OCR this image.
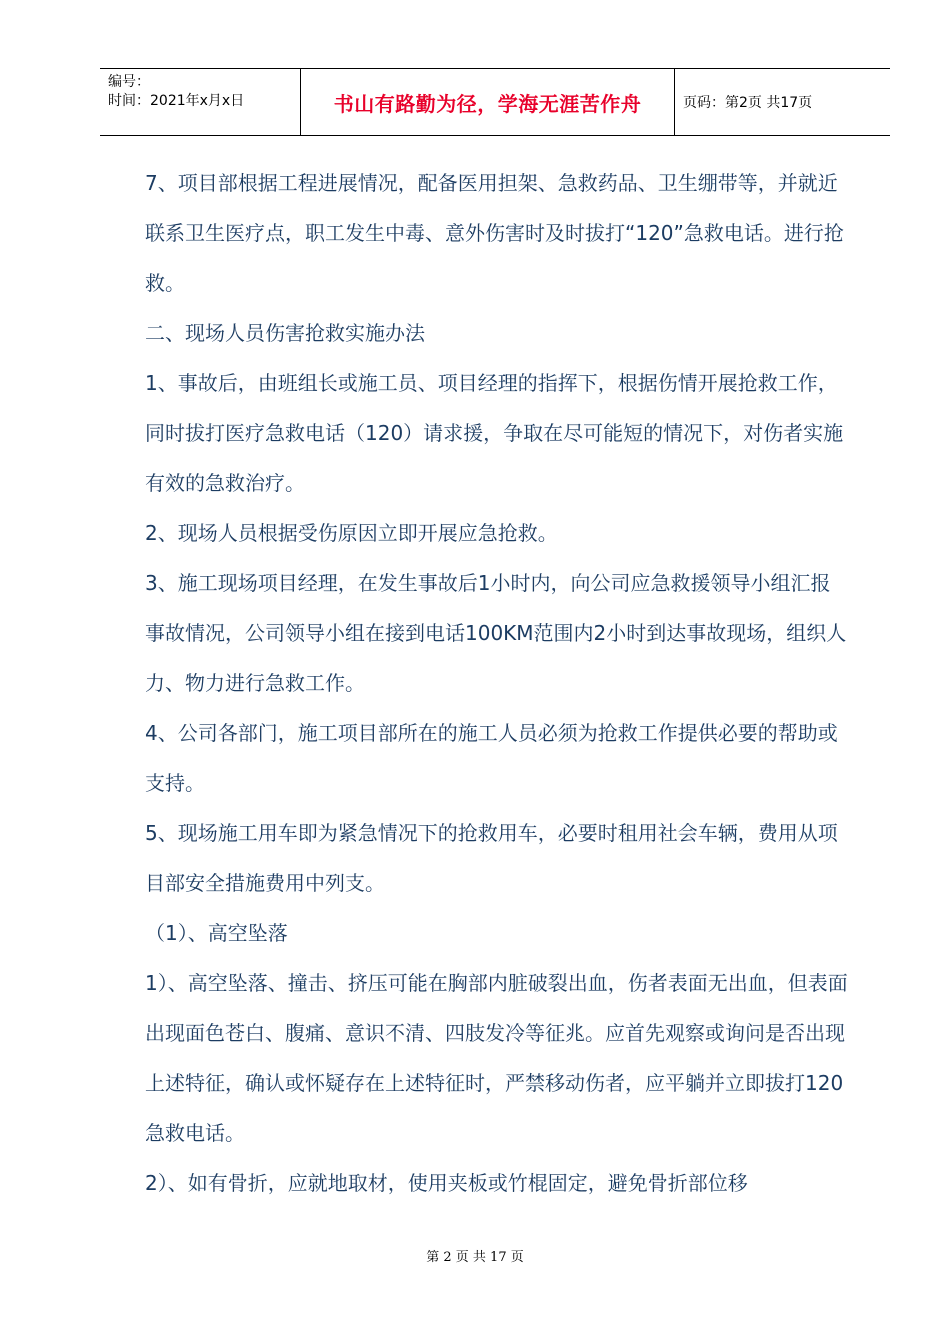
编号：
时间：2021年x月x日	书山有路勤为径，学海无涯苦作舟	页码：第2页 共17页

7、项目部根据工程进展情况，配备医用担架、急救药品、卫生绷带等，并就近联系卫生医疗点，职工发生中毒、意外伤害时及时拔打“120”急救电话。进行抢救。

二、现场人员伤害抢救实施办法

1、事故后，由班组长或施工员、项目经理的指挥下，根据伤情开展抢救工作，同时拔打医疗急救电话（120）请求援，争取在尽可能短的情况下，对伤者实施有效的急救治疗。

2、现场人员根据受伤原因立即开展应急抢救。

3、施工现场项目经理，在发生事故后1小时内，向公司应急救援领导小组汇报事故情况，公司领导小组在接到电话100KM范围内2小时到达事故现场，组织人力、物力进行急救工作。

4、公司各部门，施工项目部所在的施工人员必须为抢救工作提供必要的帮助或支持。

5、现场施工用车即为紧急情况下的抢救用车，必要时租用社会车辆，费用从项目部安全措施费用中列支。

（1）、高空坠落

1）、高空坠落、撞击、挤压可能在胸部内脏破裂出血，伤者表面无出血，但表面出现面色苍白、腹痛、意识不清、四肢发冷等征兆。应首先观察或询问是否出现上述特征，确认或怀疑存在上述特征时，严禁移动伤者，应平躺并立即拔打120急救电话。

2）、如有骨折，应就地取材，使用夹板或竹棍固定，避免骨折部位移

第 2 页 共 17 页
